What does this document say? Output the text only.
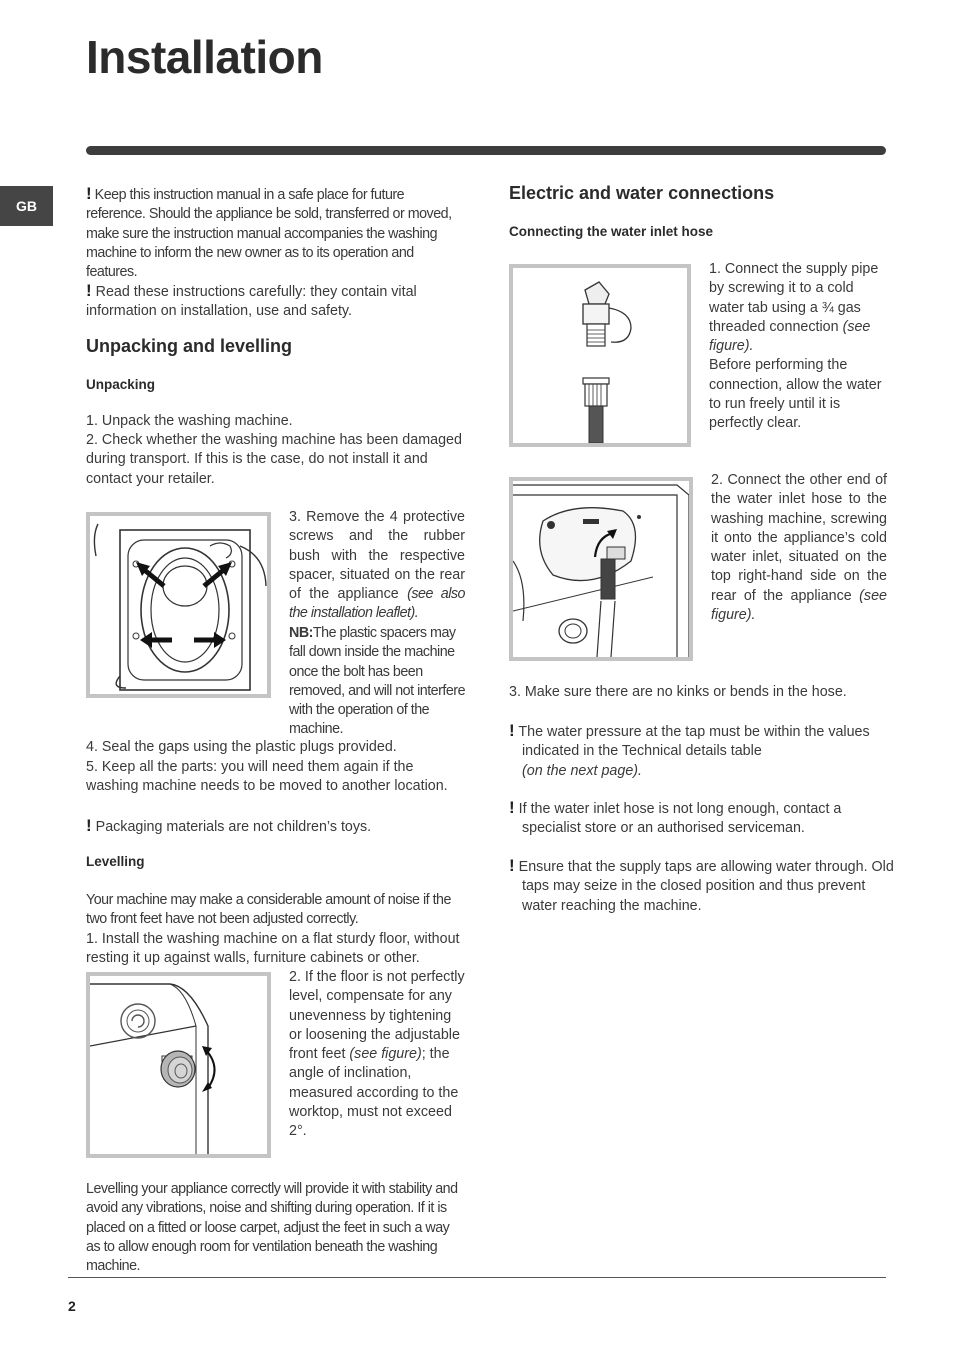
Installation
GB

! Keep this instruction manual in a safe place for future reference. Should the appliance be sold, transferred or moved, make sure the instruction manual accompanies the washing machine to inform the new owner as to its operation and features.

! Read these instructions carefully: they contain vital information on installation, use and safety.

Unpacking and levelling
Unpacking

1. Unpack the washing machine.

2. Check whether the washing machine has been damaged during transport. If this is the case, do not install it and contact your retailer.

3. Remove the 4 protective screws and the rubber bush with the respective spacer, situated on the rear of the appliance (see also the installation leaflet).

NB:The plastic spacers may fall down inside the machine once the bolt has been removed, and will not interfere with the operation of the machine.

4. Seal the gaps using the plastic plugs provided.

5. Keep all the parts: you will need them again if the washing machine needs to be moved to another location.

! Packaging materials are not children’s toys.

Levelling

Your machine may make a considerable amount of noise if the two front feet have not been adjusted correctly.

1. Install the washing machine on a flat sturdy floor, without resting it up against walls, furniture cabinets or other.

2. If the floor is not perfectly level, compensate for any unevenness by tightening or loosening the adjustable front feet (see figure); the angle of inclination, measured according to the worktop, must not exceed 2°.

Levelling your appliance correctly will provide it with stability and avoid any vibrations, noise and shifting during operation. If it is placed on a fitted or loose carpet, adjust the feet in such a way as to allow enough room for ventilation beneath the washing machine.

Electric and water connections
Connecting the water inlet hose

1. Connect the supply pipe by screwing it to a cold water tab using a ¾ gas threaded connection (see figure).
Before performing the connection, allow the water to run freely until it is perfectly clear.

2. Connect the other end of the water inlet hose to the washing machine, screwing it onto the appliance’s cold water inlet, situated on the top right-hand side on the rear of the appliance (see figure).

3. Make sure there are no kinks or bends in the hose.

! The water pressure at the tap must be within the values indicated in the Technical details table
(on the next page).

! If the water inlet hose is not long enough, contact a specialist store or an authorised serviceman.

! Ensure that the supply taps are allowing water through. Old taps may seize in the closed position and thus prevent water reaching the machine.

2
